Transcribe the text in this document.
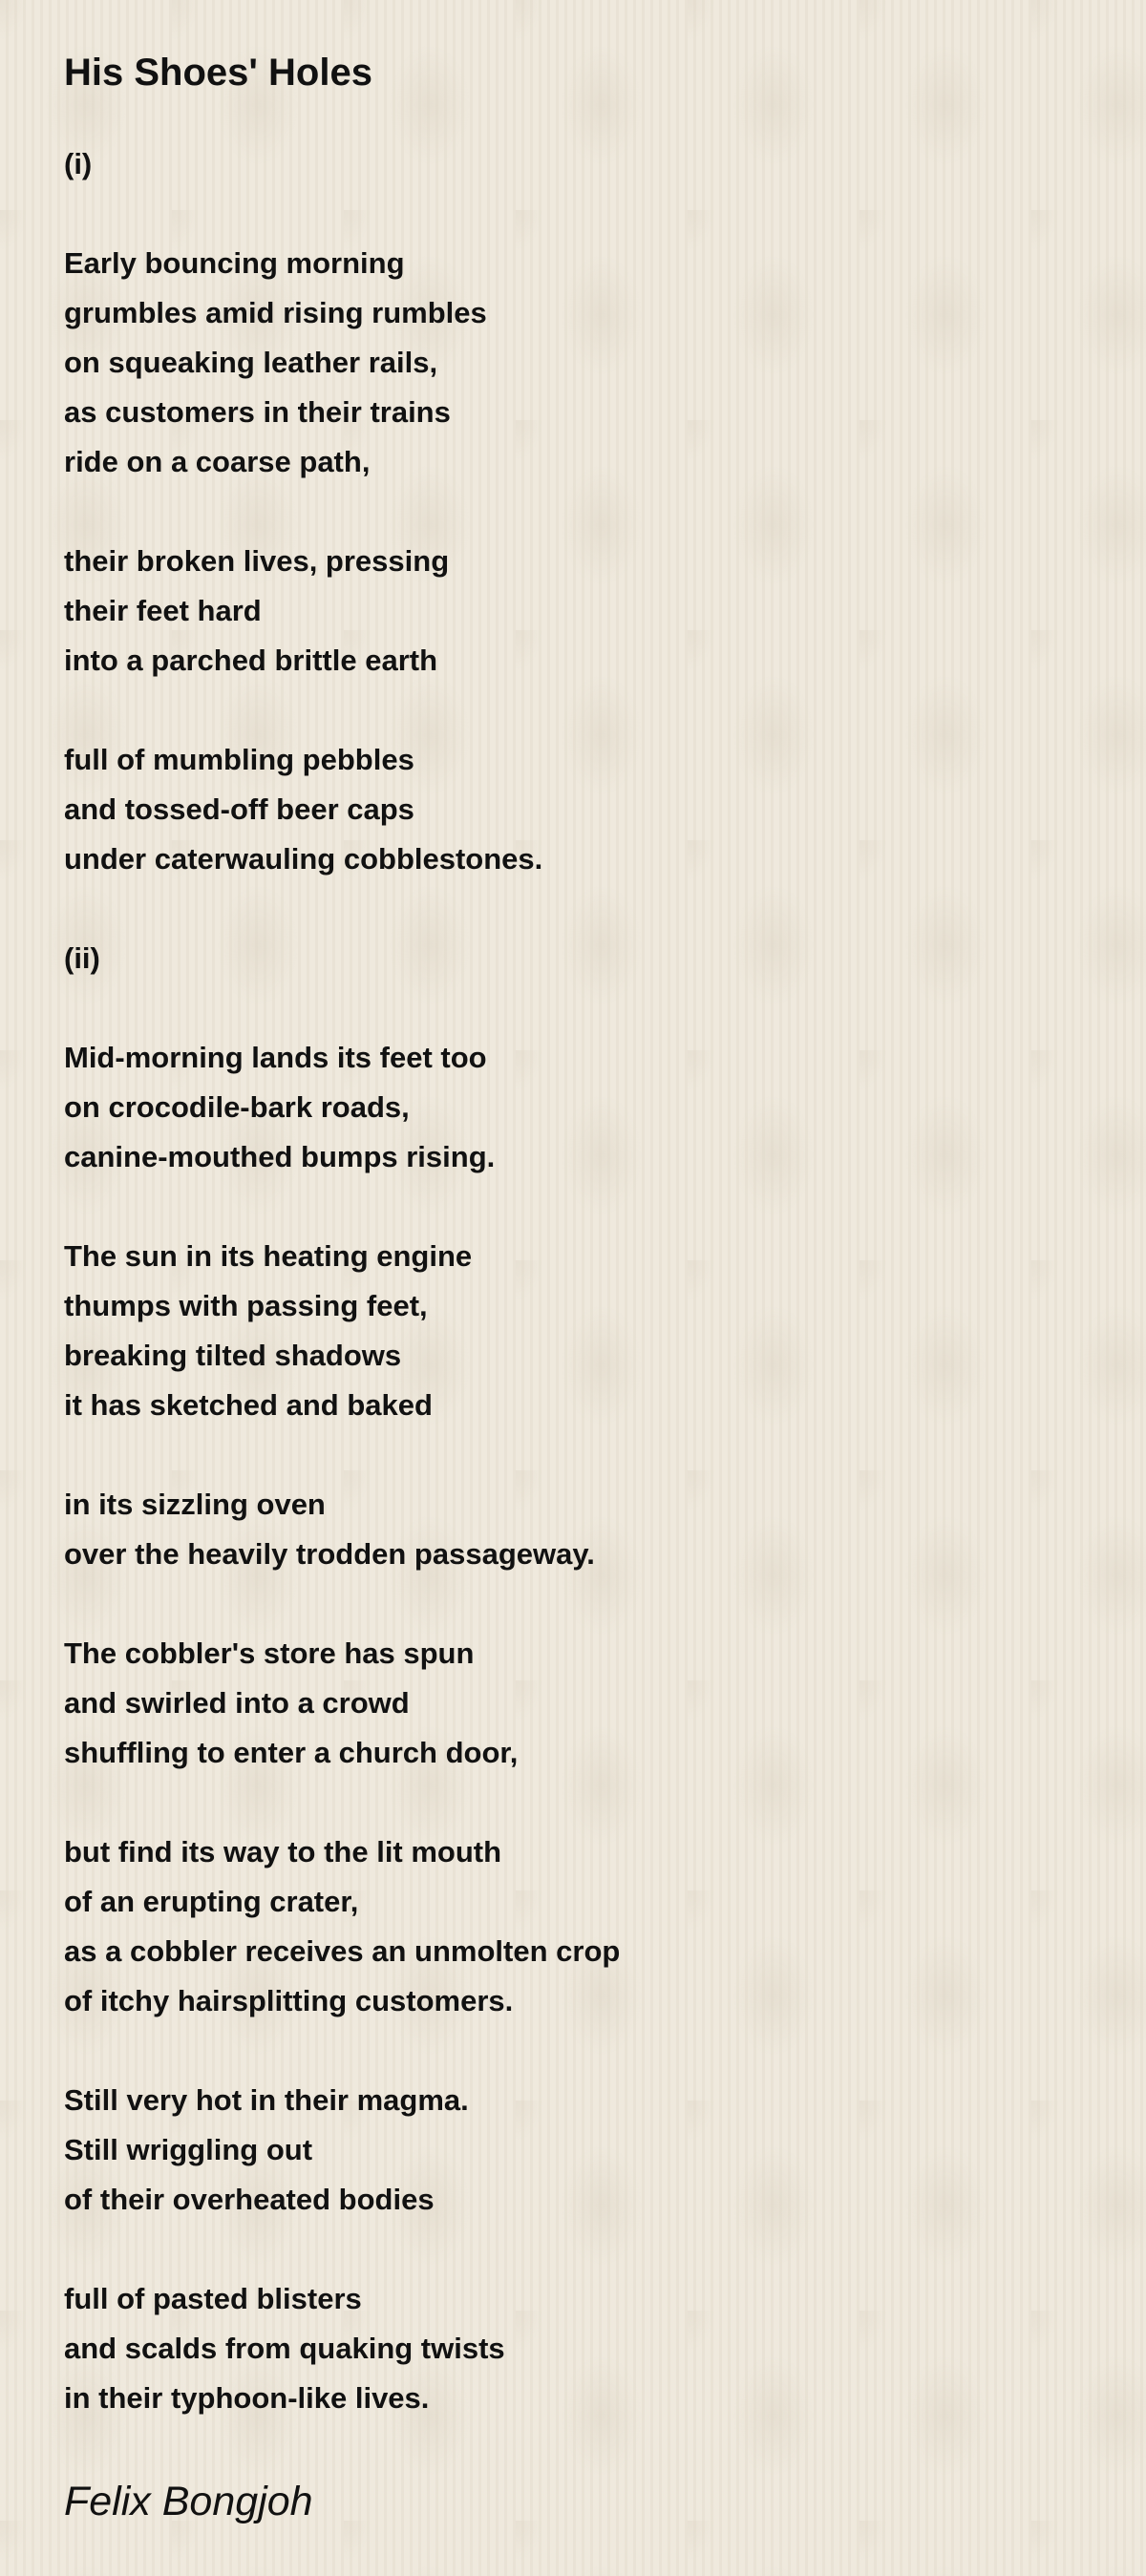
His Shoes' Holes
(i)
Early bouncing morning
grumbles amid rising rumbles
on squeaking leather rails,
as customers in their trains
ride on a coarse path,
their broken lives, pressing
their feet hard
into a parched brittle earth
full of mumbling pebbles
and tossed-off beer caps
under caterwauling cobblestones.
(ii)
Mid-morning lands its feet too
on crocodile-bark roads,
canine-mouthed bumps rising.
The sun in its heating engine
thumps with passing feet,
breaking tilted shadows
it has sketched and baked
in its sizzling oven
over the heavily trodden passageway.
The cobbler's store has spun
and swirled into a crowd
shuffling to enter a church door,
but find its way to the lit mouth
of an erupting crater,
as a cobbler receives an unmolten crop
of itchy hairsplitting customers.
Still very hot in their magma.
Still wriggling out
of their overheated bodies
full of pasted blisters
and scalds from quaking twists
in their typhoon-like lives.
Felix Bongjoh
